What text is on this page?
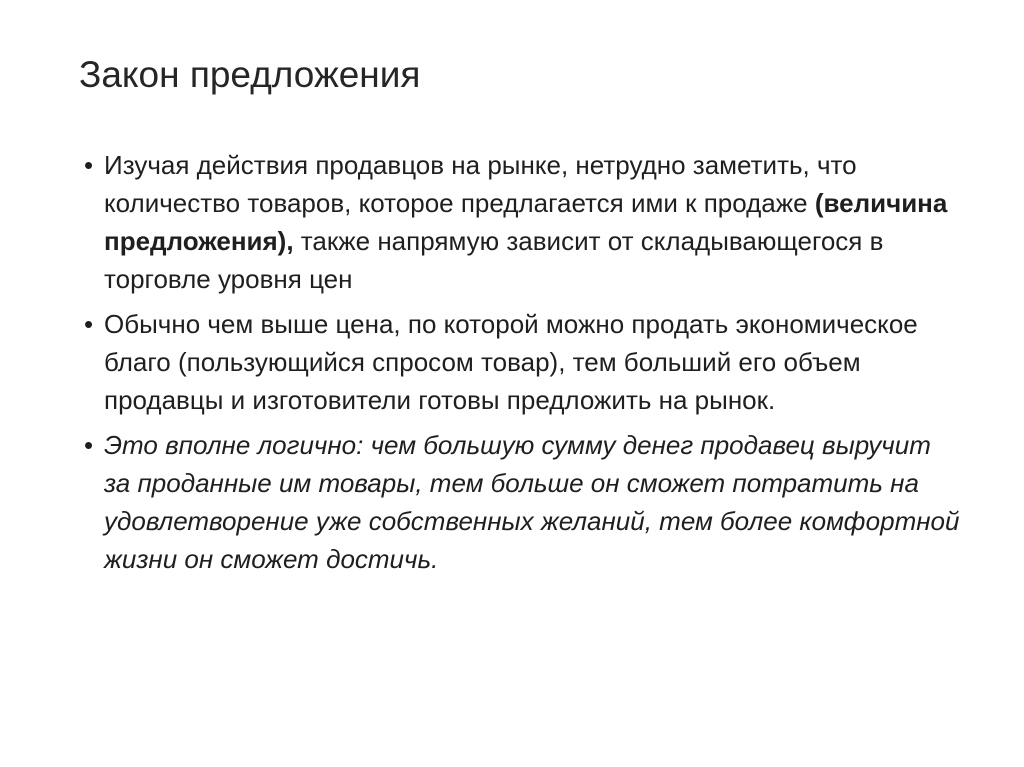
Закон предложения
• Изучая действия продавцов на рынке, нетрудно заметить, что количество товаров, которое предлагается ими к продаже (величина предложения), также напрямую зависит от складывающегося в торговле уровня цен
• Обычно чем выше цена, по которой можно продать экономическое благо (пользующийся спросом товар), тем больший его объем продавцы и изготовители готовы предложить на рынок.
• Это вполне логично: чем большую сумму денег продавец выручит за проданные им товары, тем больше он сможет потратить на удовлетворение уже собственных желаний, тем более комфортной жизни он сможет достичь.
